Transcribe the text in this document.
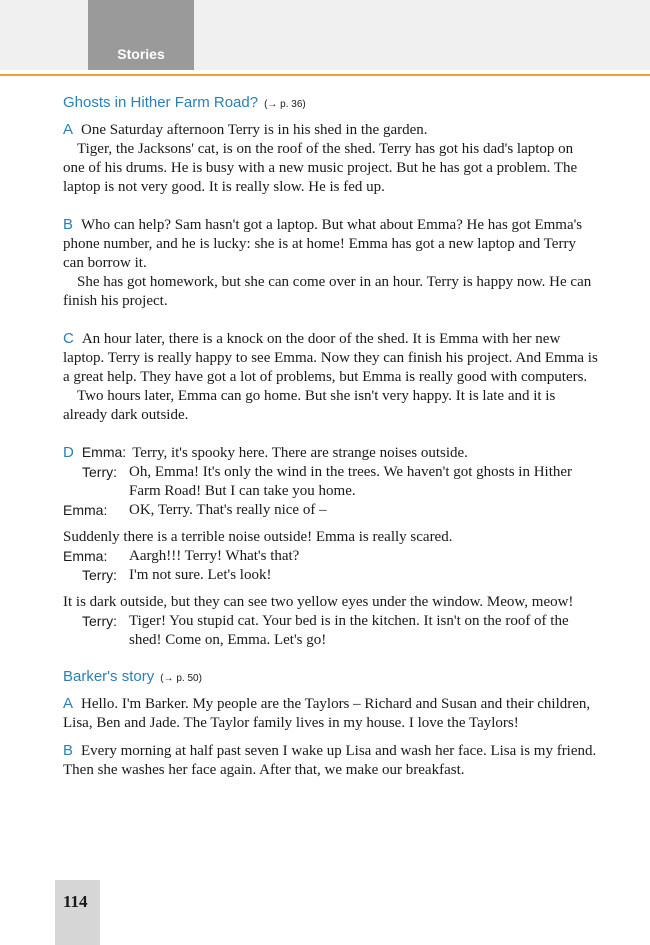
Stories
Ghosts in Hither Farm Road? (→ p. 36)

A One Saturday afternoon Terry is in his shed in the garden.

Tiger, the Jacksons' cat, is on the roof of the shed. Terry has got his dad's laptop on one of his drums. He is busy with a new music project. But he has got a problem. The laptop is not very good. It is really slow. He is fed up.

B Who can help? Sam hasn't got a laptop. But what about Emma? He has got Emma's phone number, and he is lucky: she is at home! Emma has got a new laptop and Terry can borrow it.

She has got homework, but she can come over in an hour. Terry is happy now. He can finish his project.

C An hour later, there is a knock on the door of the shed. It is Emma with her new laptop. Terry is really happy to see Emma. Now they can finish his project. And Emma is a great help. They have got a lot of problems, but Emma is really good with computers.

Two hours later, Emma can go home. But she isn't very happy. It is late and it is already dark outside.

D Emma: Terry, it's spooky here. There are strange noises outside.

Terry: Oh, Emma! It's only the wind in the trees. We haven't got ghosts in Hither Farm Road! But I can take you home.
Emma:	OK, Terry. That's really nice of –

Suddenly there is a terrible noise outside! Emma is really scared.

Emma:	Aargh!!! Terry! What's that?
Terry: I'm not sure. Let's look!

It is dark outside, but they can see two yellow eyes under the window. Meow, meow!

Terry: Tiger! You stupid cat. Your bed is in the kitchen. It isn't on the roof of the shed! Come on, Emma. Let's go!
Barker's story (→ p. 50)

A Hello. I'm Barker. My people are the Taylors – Richard and Susan and their children, Lisa, Ben and Jade. The Taylor family lives in my house. I love the Taylors!

B Every morning at half past seven I wake up Lisa and wash her face. Lisa is my friend. Then she washes her face again. After that, we make our breakfast.

114
